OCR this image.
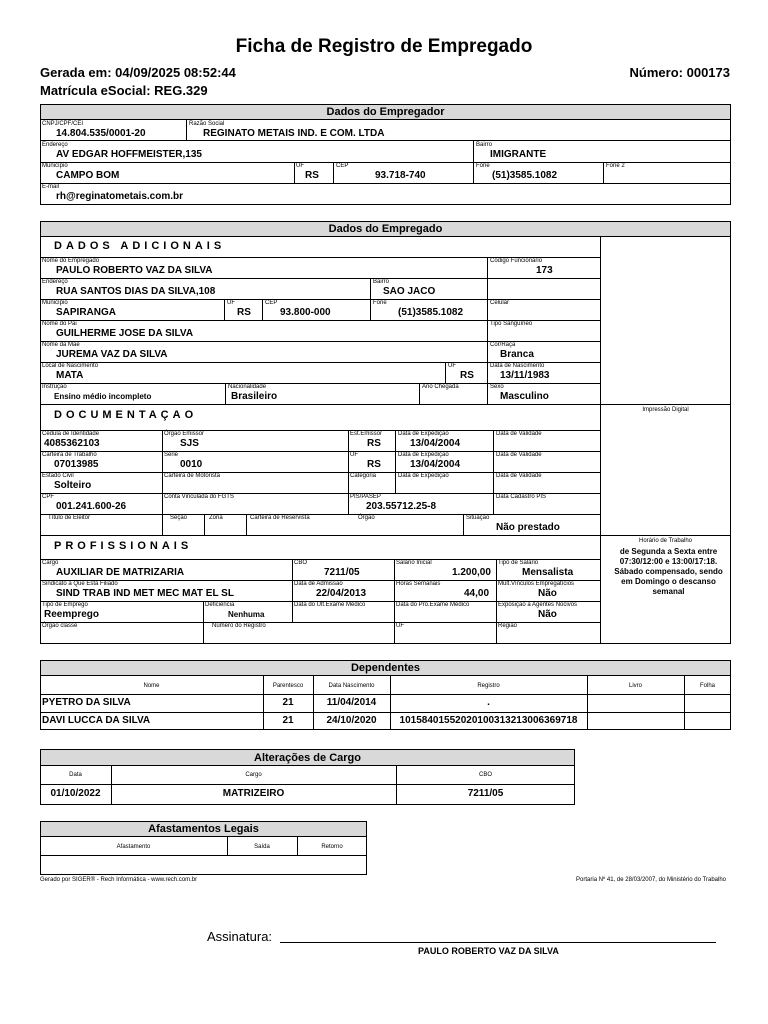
Ficha de Registro de Empregado
Gerada em: 04/09/2025 08:52:44
Matrícula eSocial: REG.329
Número: 000173
Dados do Empregador
CNPJ/CPF/CEI
14.804.535/0001-20
Razão Social
REGINATO METAIS IND. E COM. LTDA
Endereço
AV EDGAR HOFFMEISTER,135
Bairro
IMIGRANTE
Município
CAMPO BOM
UF
RS
CEP
93.718-740
Fone
(51)3585.1082
Fone 2
E-mail
rh@reginatometais.com.br
Dados do Empregado
DADOS ADICIONAIS
Nome do Empregado
PAULO ROBERTO VAZ DA SILVA
Código Funcionário
173
Endereço
RUA SANTOS DIAS DA SILVA,108
Bairro
SAO JACO
Município
SAPIRANGA
UF
RS
CEP
93.800-000
Fone
(51)3585.1082
Celular
Nome do Pai
GUILHERME JOSE DA SILVA
Tipo Sanguíneo
Nome da Mãe
JUREMA VAZ DA SILVA
Cor/Raça
Branca
Local de Nascimento
MATA
UF
RS
Data de Nascimento
13/11/1983
Instrução
Ensino médio incompleto
Nacionalidade
Brasileiro
Ano Chegada	Sexo
Masculino
DOCUMENTAÇAO	Impressão Digital
Cédula de Identidade
4085362103
Órgão Emissor
SJS
Est.Emissor
RS
Data de Expedição
13/04/2004
Data de Validade
Carteira de Trabalho
07013985
Série
0010
UF
RS
Data de Expedição
13/04/2004
Data de Validade
Estado Civil
Solteiro
Carteira de Motorista	Categoria	Data de Expedição	Data de Validade
CPF
001.241.600-26
Conta Vinculada do FGTS	PIS/PASEP
203.55712.25-8
Data Cadastro PIS
Título de Eleitor	Seção	Zona	Carteira de Reservista	Órgão	Situação
Não prestado
PROFISSIONAIS	Horário de Trabalho
de Segunda a Sexta entre 07:30/12:00 e 13:00/17:18. Sábado compensado, sendo em Domingo o descanso semanal
Cargo
AUXILIAR DE MATRIZARIA
CBO
7211/05
Salário Inicial
1.200,00
Tipo de Salário
Mensalista
Sindicato a Que Está Filiado
SIND TRAB IND MET MEC MAT EL SL
Data de Admissão
22/04/2013
Horas Semanais
44,00
Mult.Vínculos Empregatícios
Não
Tipo de Emprego
Reemprego
Deficiência
Nenhuma
Data do Ult.Exame Médico	Data do Pro.Exame Médico	Exposição a Agentes Nocivos
Não
Órgão classe	Número do Registro	UF	Região
Dependentes
Nome	Parentesco	Data Nascimento	Registro	Livro	Folha
PYETRO DA SILVA	21	11/04/2014	.
DAVI LUCCA DA SILVA	21	24/10/2020	10158401552020100313213006369718
Alterações de Cargo
Data	Cargo	CBO
01/10/2022	MATRIZEIRO	7211/05
Afastamentos Legais
Afastamento	Saída	Retorno
Gerado por SIGER® - Rech Informática - www.rech.com.br	Portaria Nº 41, de 28/03/2007, do Ministério do Trabalho
Assinatura:
PAULO ROBERTO VAZ DA SILVA
